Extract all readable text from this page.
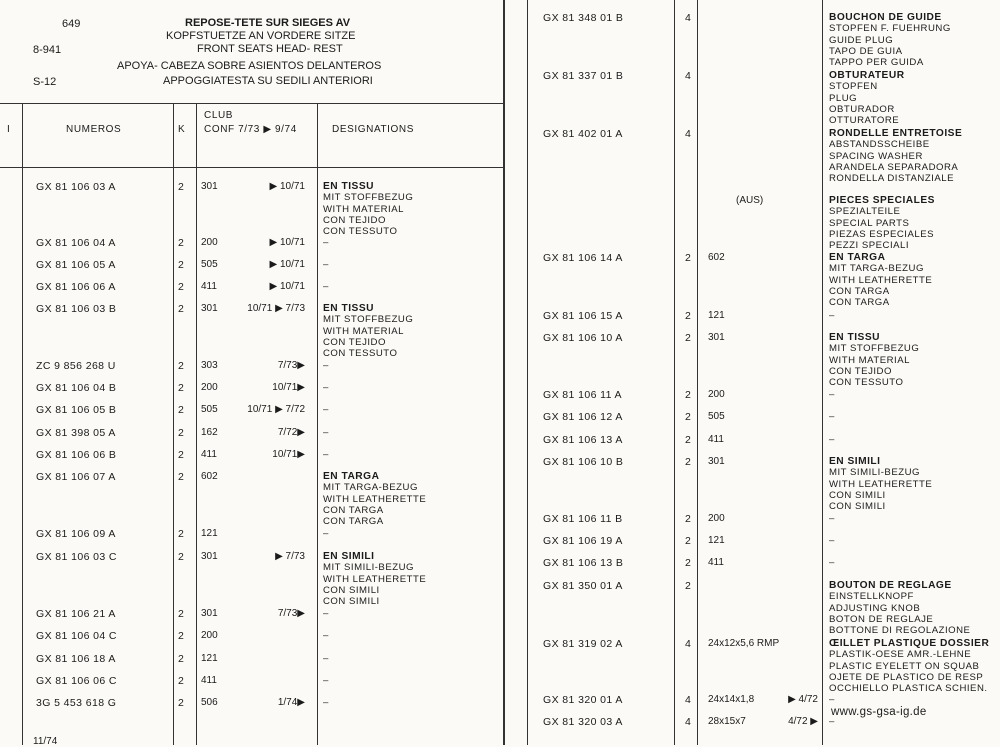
649
8-941
S-12
REPOSE-TETE SUR SIEGES AV
KOPFSTUETZE AN VORDERE SITZE
FRONT SEATS HEAD- REST
APOYA- CABEZA SOBRE ASIENTOS DELANTEROS
APPOGGIATESTA SU SEDILI ANTERIORI
I	NUMEROS	K
CLUB
CONF 7/73 ▶ 9/74	DESIGNATIONS
GX 81 106 03 A	2 301	▶ 10/71 EN TISSU
MIT STOFFBEZUG
WITH MATERIAL
CON TEJIDO
CON TESSUTO
GX 81 106 04 A	2 200	▶ 10/71 –
GX 81 106 05 A	2 505	▶ 10/71 –
GX 81 106 06 A	2 411	▶ 10/71 –
GX 81 106 03 B	2 301	10/71 ▶ 7/73 EN TISSU
MIT STOFFBEZUG
WITH MATERIAL
CON TEJIDO
CON TESSUTO
ZC 9 856 268 U	2 303	7/73▶ –
GX 81 106 04 B	2 200	10/71▶ –
GX 81 106 05 B	2 505	10/71 ▶ 7/72 –
GX 81 398 05 A	2 162	7/72▶ –
GX 81 106 06 B	2 411	10/71▶ –
GX 81 106 07 A	2 602	EN TARGA
MIT TARGA-BEZUG
WITH LEATHERETTE
CON TARGA
CON TARGA
GX 81 106 09 A	2 121	–
GX 81 106 03 C	2 301	▶ 7/73 EN SIMILI
MIT SIMILI-BEZUG
WITH LEATHERETTE
CON SIMILI
CON SIMILI
GX 81 106 21 A	2 301	7/73▶ –
GX 81 106 04 C	2 200	–
GX 81 106 18 A	2 121	–
GX 81 106 06 C	2 411	–
3G 5 453 618 G	2 506	1/74▶ –
GX 81 348 01 B	4	BOUCHON DE GUIDE
STOPFEN F. FUEHRUNG
GUIDE PLUG
TAPO DE GUIA
TAPPO PER GUIDA
GX 81 337 01 B	4	OBTURATEUR
STOPFEN
PLUG
OBTURADOR
OTTURATORE
GX 81 402 01 A	4	RONDELLE ENTRETOISE
ABSTANDSSCHEIBE
SPACING WASHER
ARANDELA SEPARADORA
RONDELLA DISTANZIALE
(AUS)	PIECES SPECIALES
SPEZIALTEILE
SPECIAL PARTS
PIEZAS ESPECIALES
PEZZI SPECIALI
GX 81 106 14 A	2 602	EN TARGA
MIT TARGA-BEZUG
WITH LEATHERETTE
CON TARGA
CON TARGA
GX 81 106 15 A	2 121	–
GX 81 106 10 A	2 301	EN TISSU
MIT STOFFBEZUG
WITH MATERIAL
CON TEJIDO
CON TESSUTO
GX 81 106 11 A	2 200	–
GX 81 106 12 A	2 505	–
GX 81 106 13 A	2 411	–
GX 81 106 10 B	2 301	EN SIMILI
MIT SIMILI-BEZUG
WITH LEATHERETTE
CON SIMILI
CON SIMILI
GX 81 106 11 B	2 200	–
GX 81 106 19 A	2 121	–
GX 81 106 13 B	2 411	–
GX 81 350 01 A	2	BOUTON DE REGLAGE
EINSTELLKNOPF
ADJUSTING KNOB
BOTON DE REGLAJE
BOTTONE DI REGOLAZIONE
GX 81 319 02 A	4 24x12x5,6 RMP	ŒILLET PLASTIQUE DOSSIER
PLASTIK-OESE AMR.-LEHNE
PLASTIC EYELETT ON SQUAB
OJETE DE PLASTICO DE RESP
OCCHIELLO PLASTICA SCHIEN.
GX 81 320 01 A	4 24x14x1,8	▶ 4/72 –
GX 81 320 03 A	4 28x15x7	4/72 ▶ –
11/74
www.gs-gsa-ig.de
